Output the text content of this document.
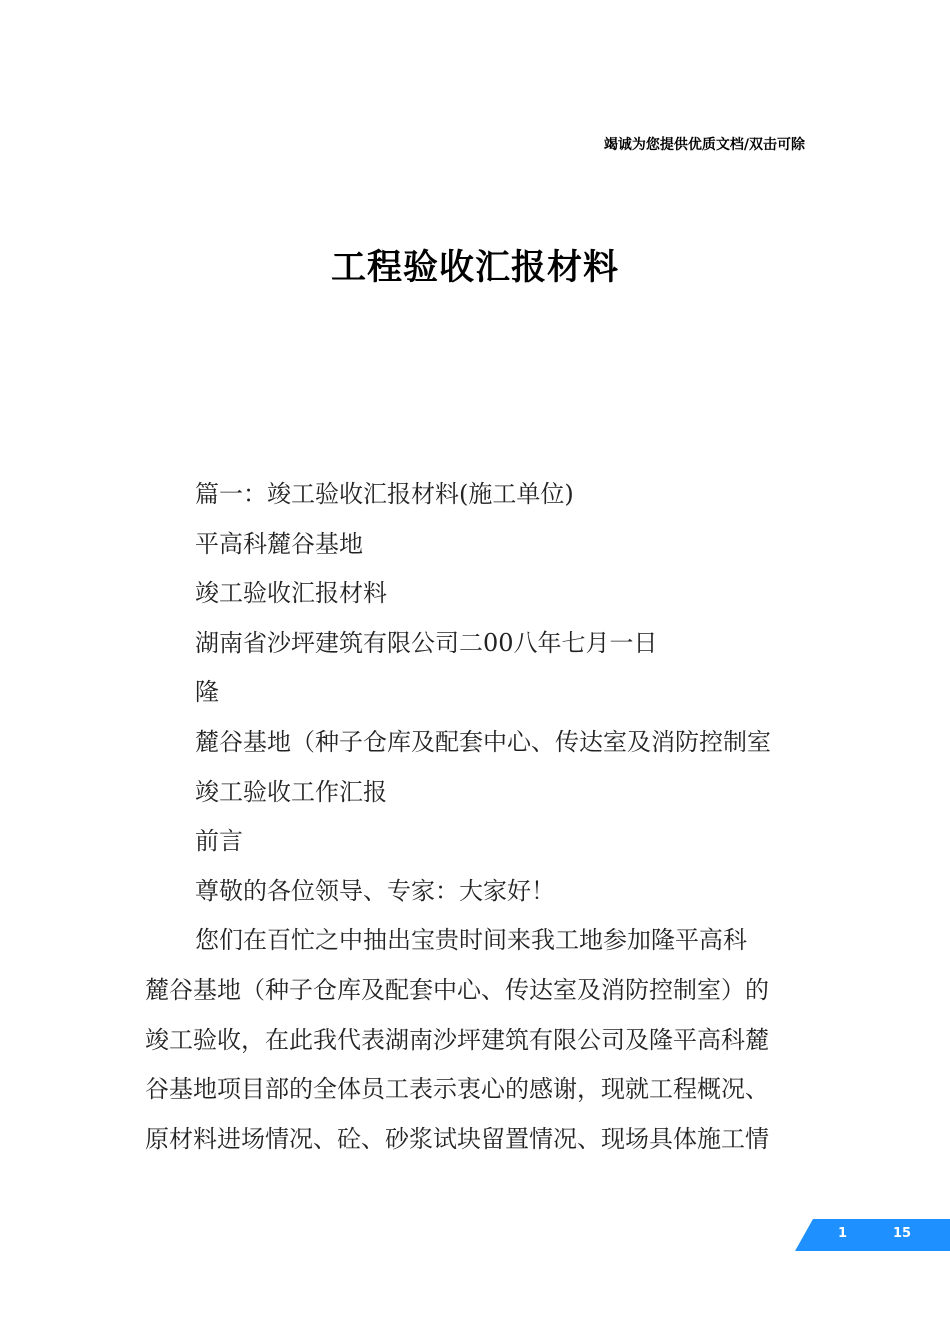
竭诚为您提供优质文档/双击可除
工程验收汇报材料
篇一：竣工验收汇报材料(施工单位)
平高科麓谷基地
竣工验收汇报材料
湖南省沙坪建筑有限公司二00八年七月一日
隆
麓谷基地（种子仓库及配套中心、传达室及消防控制室
竣工验收工作汇报
前言
尊敬的各位领导、专家：大家好！
您们在百忙之中抽出宝贵时间来我工地参加隆平高科
麓谷基地（种子仓库及配套中心、传达室及消防控制室）的
竣工验收，在此我代表湖南沙坪建筑有限公司及隆平高科麓
谷基地项目部的全体员工表示衷心的感谢，现就工程概况、
原材料进场情况、砼、砂浆试块留置情况、现场具体施工情
1	15
